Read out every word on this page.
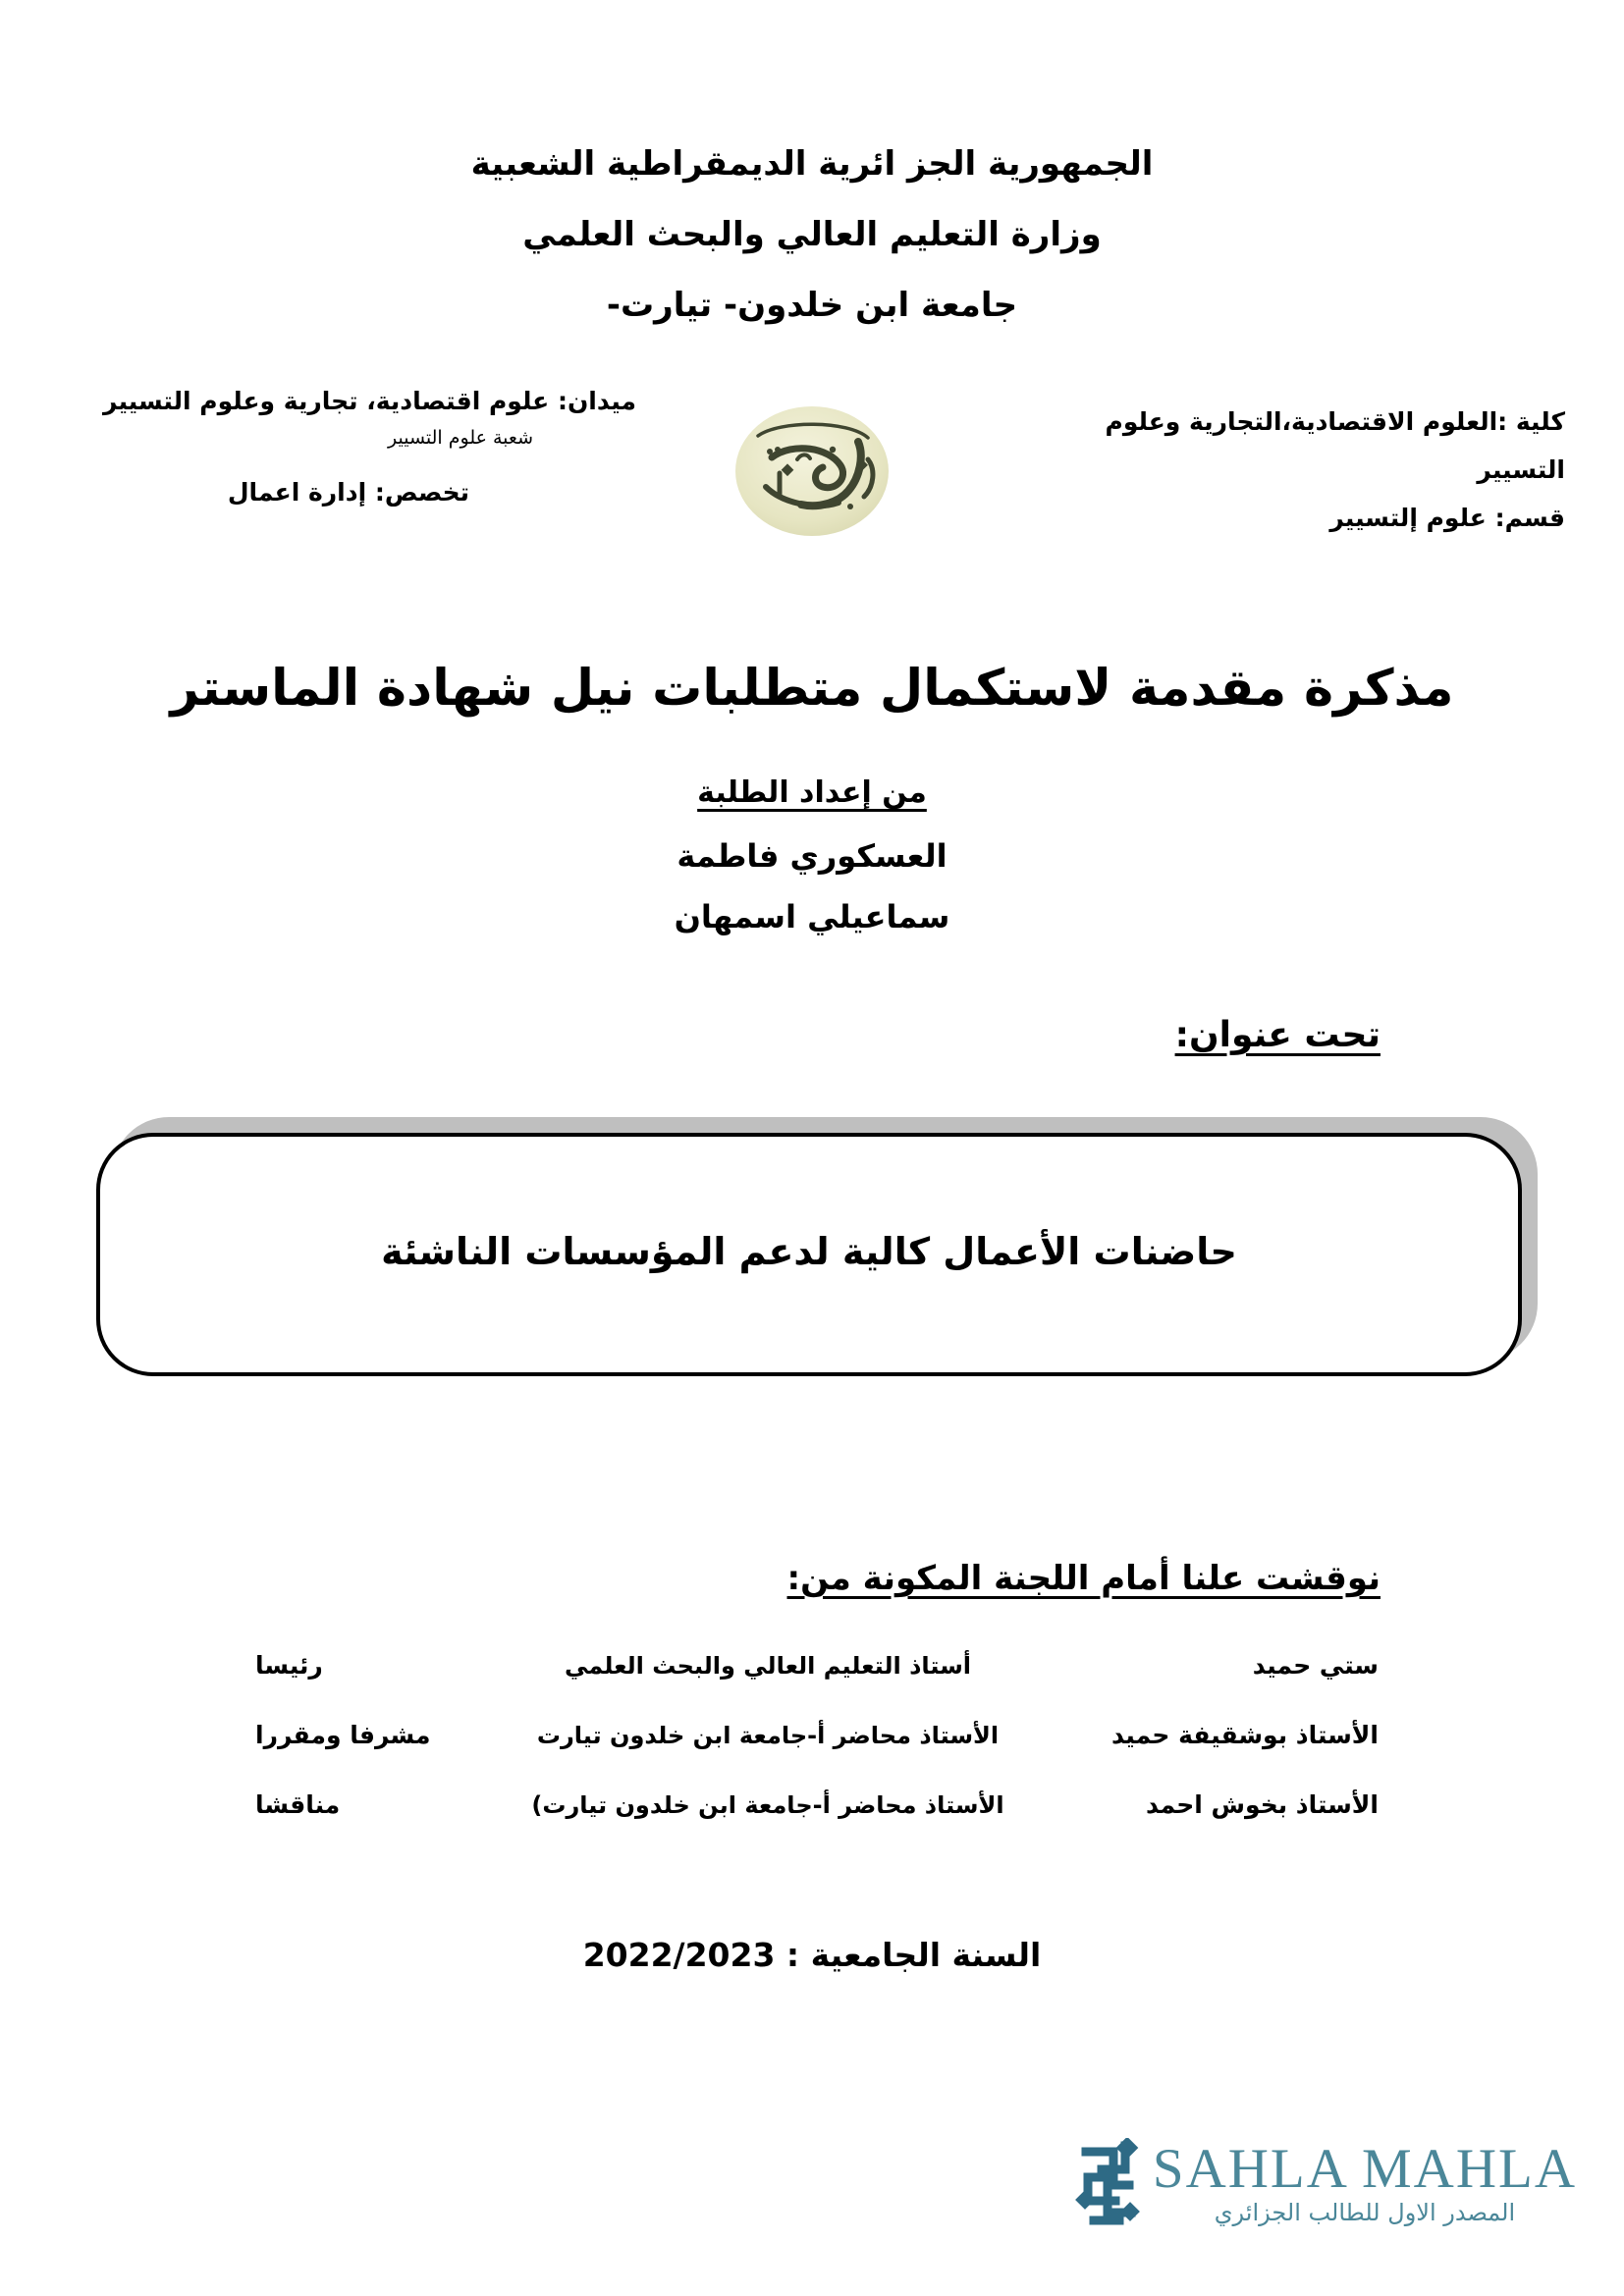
الجمهورية الجز ائرية الديمقراطية الشعبية
وزارة التعليم العالي والبحث العلمي
جامعة ابن خلدون- تيارت-
كلية :العلوم الاقتصادية،التجارية وعلوم التسيير
قسم: علوم إلتسيير
ميدان: علوم اقتصادية، تجارية وعلوم التسيير
شعبة علوم التسيير
تخصص: إدارة اعمال
مذكرة مقدمة لاستكمال متطلبات نيل شهادة الماستر
من إعداد الطلبة
العسكوري فاطمة
سماعيلي اسمهان
تحت عنوان:
حاضنات الأعمال كالية لدعم المؤسسات الناشئة
نوقشت علنا أمام اللجنة المكونة من:
ستي حميد
أستاذ التعليم العالي والبحث العلمي
رئيسا
الأستاذ بوشقيفة حميد
الأستاذ محاضر أ-جامعة ابن خلدون تيارت
مشرفا ومقررا
الأستاذ بخوش احمد
الأستاذ محاضر أ-جامعة ابن خلدون تيارت)
مناقشا
السنة الجامعية : 2022/2023
SAHLA MAHLA
المصدر الاول للطالب الجزائري
